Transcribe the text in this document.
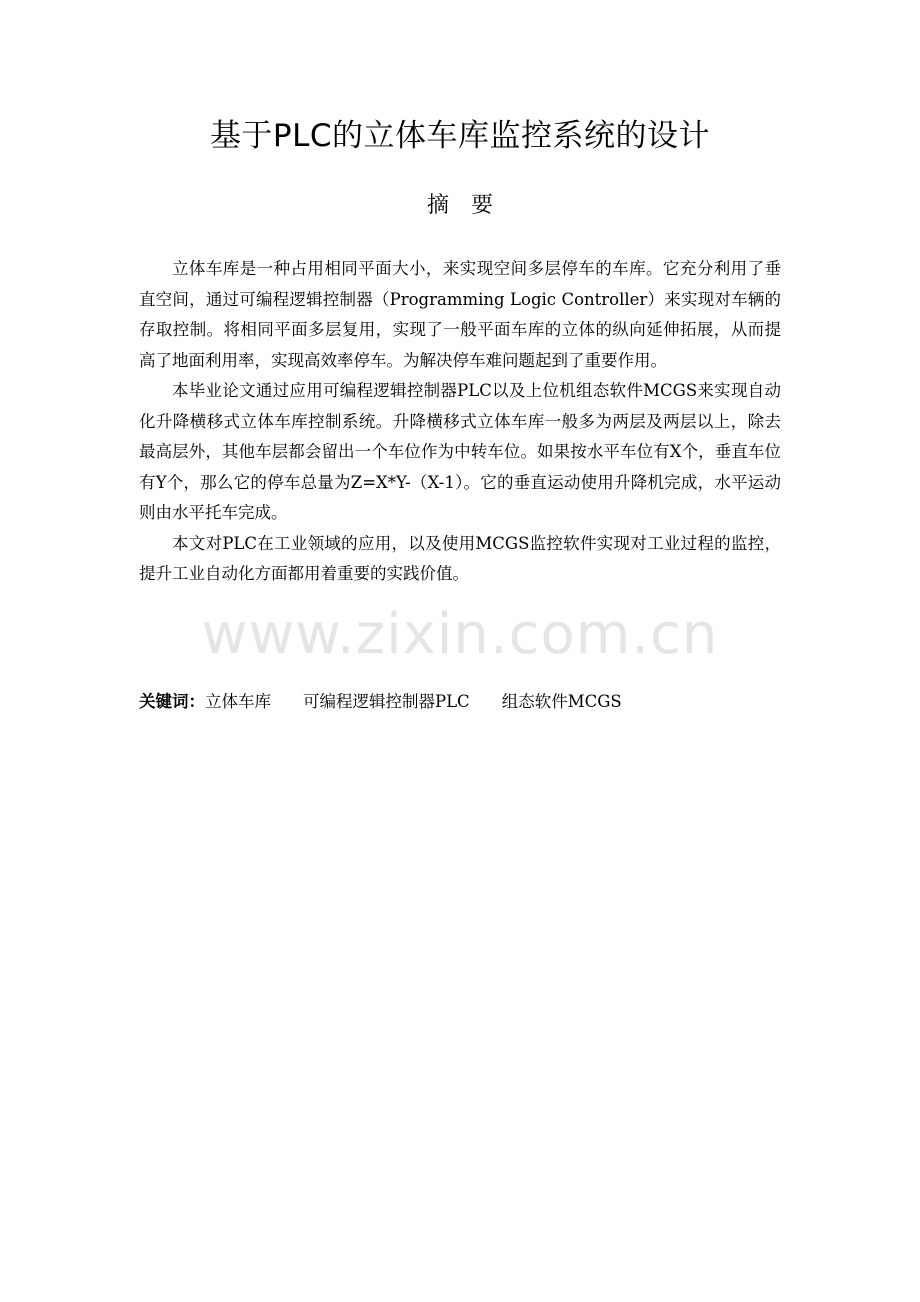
基于PLC的立体车库监控系统的设计
摘　要

立体车库是一种占用相同平面大小，来实现空间多层停车的车库。它充分利用了垂直空间，通过可编程逻辑控制器（Programming Logic Controller）来实现对车辆的存取控制。将相同平面多层复用，实现了一般平面车库的立体的纵向延伸拓展，从而提高了地面利用率，实现高效率停车。为解决停车难问题起到了重要作用。

本毕业论文通过应用可编程逻辑控制器PLC以及上位机组态软件MCGS来实现自动化升降横移式立体车库控制系统。升降横移式立体车库一般多为两层及两层以上，除去最高层外，其他车层都会留出一个车位作为中转车位。如果按水平车位有X个，垂直车位有Y个，那么它的停车总量为Z=X*Y-（X-1）。它的垂直运动使用升降机完成，水平运动则由水平托车完成。

本文对PLC在工业领域的应用，以及使用MCGS监控软件实现对工业过程的监控，提升工业自动化方面都用着重要的实践价值。

www.zixin.com.cn

关键词：立体车库 可编程逻辑控制器PLC 组态软件MCGS
